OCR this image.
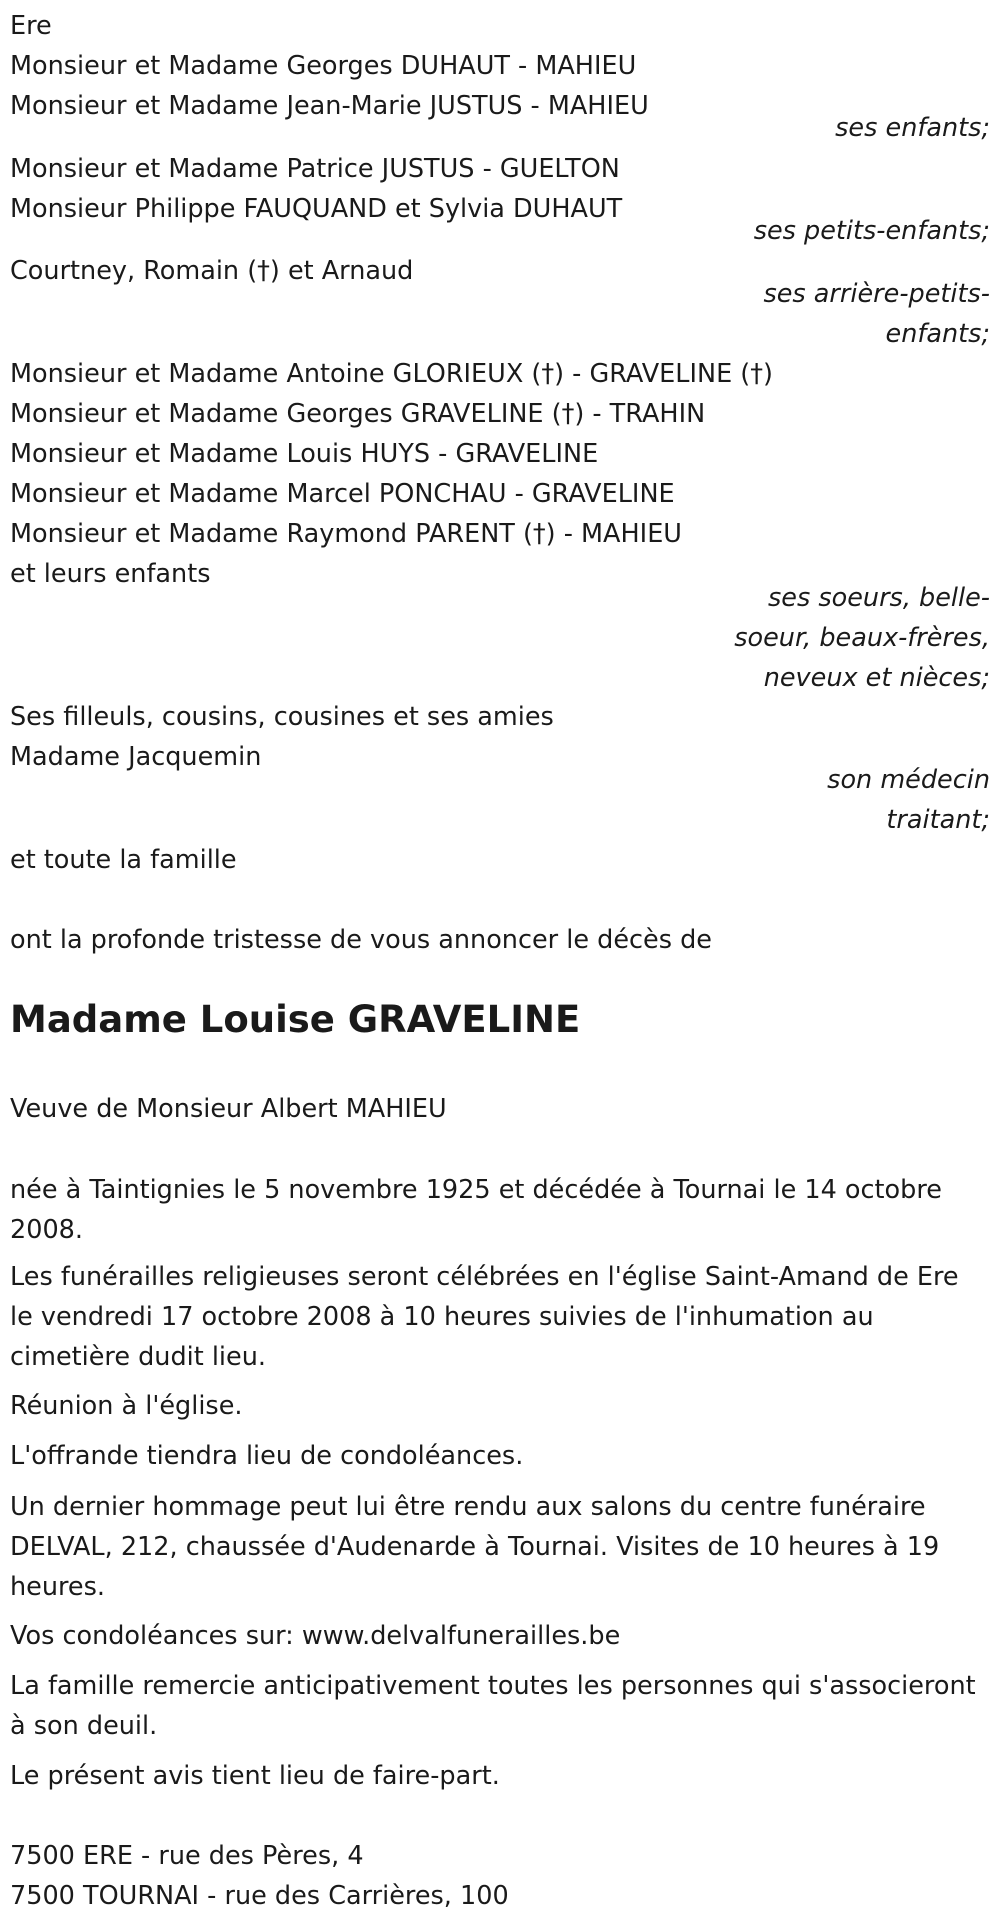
Ere
Monsieur et Madame Georges DUHAUT - MAHIEU
Monsieur et Madame Jean-Marie JUSTUS - MAHIEU
ses enfants;
Monsieur et Madame Patrice JUSTUS - GUELTON
Monsieur Philippe FAUQUAND et Sylvia DUHAUT
ses petits-enfants;
Courtney, Romain (†) et Arnaud
ses arrière-petits-
enfants;
Monsieur et Madame Antoine GLORIEUX (†) - GRAVELINE (†)
Monsieur et Madame Georges GRAVELINE (†) - TRAHIN
Monsieur et Madame Louis HUYS - GRAVELINE
Monsieur et Madame Marcel PONCHAU - GRAVELINE
Monsieur et Madame Raymond PARENT (†) - MAHIEU
et leurs enfants
ses soeurs, belle-
soeur, beaux-frères,
neveux et nièces;
Ses filleuls, cousins, cousines et ses amies
Madame Jacquemin
son médecin
traitant;
et toute la famille
ont la profonde tristesse de vous annoncer le décès de
Madame Louise GRAVELINE
Veuve de Monsieur Albert MAHIEU
née à Taintignies le 5 novembre 1925 et décédée à Tournai le 14 octobre 2008.
Les funérailles religieuses seront célébrées en l'église Saint-Amand de Ere le vendredi 17 octobre 2008 à 10 heures suivies de l'inhumation au cimetière dudit lieu.
Réunion à l'église.
L'offrande tiendra lieu de condoléances.
Un dernier hommage peut lui être rendu aux salons du centre funéraire DELVAL, 212, chaussée d'Audenarde à Tournai. Visites de 10 heures à 19 heures.
Vos condoléances sur: www.delvalfunerailles.be
La famille remercie anticipativement toutes les personnes qui s'associeront à son deuil.
Le présent avis tient lieu de faire-part.
7500 ERE - rue des Pères, 4
7500 TOURNAI - rue des Carrières, 100
